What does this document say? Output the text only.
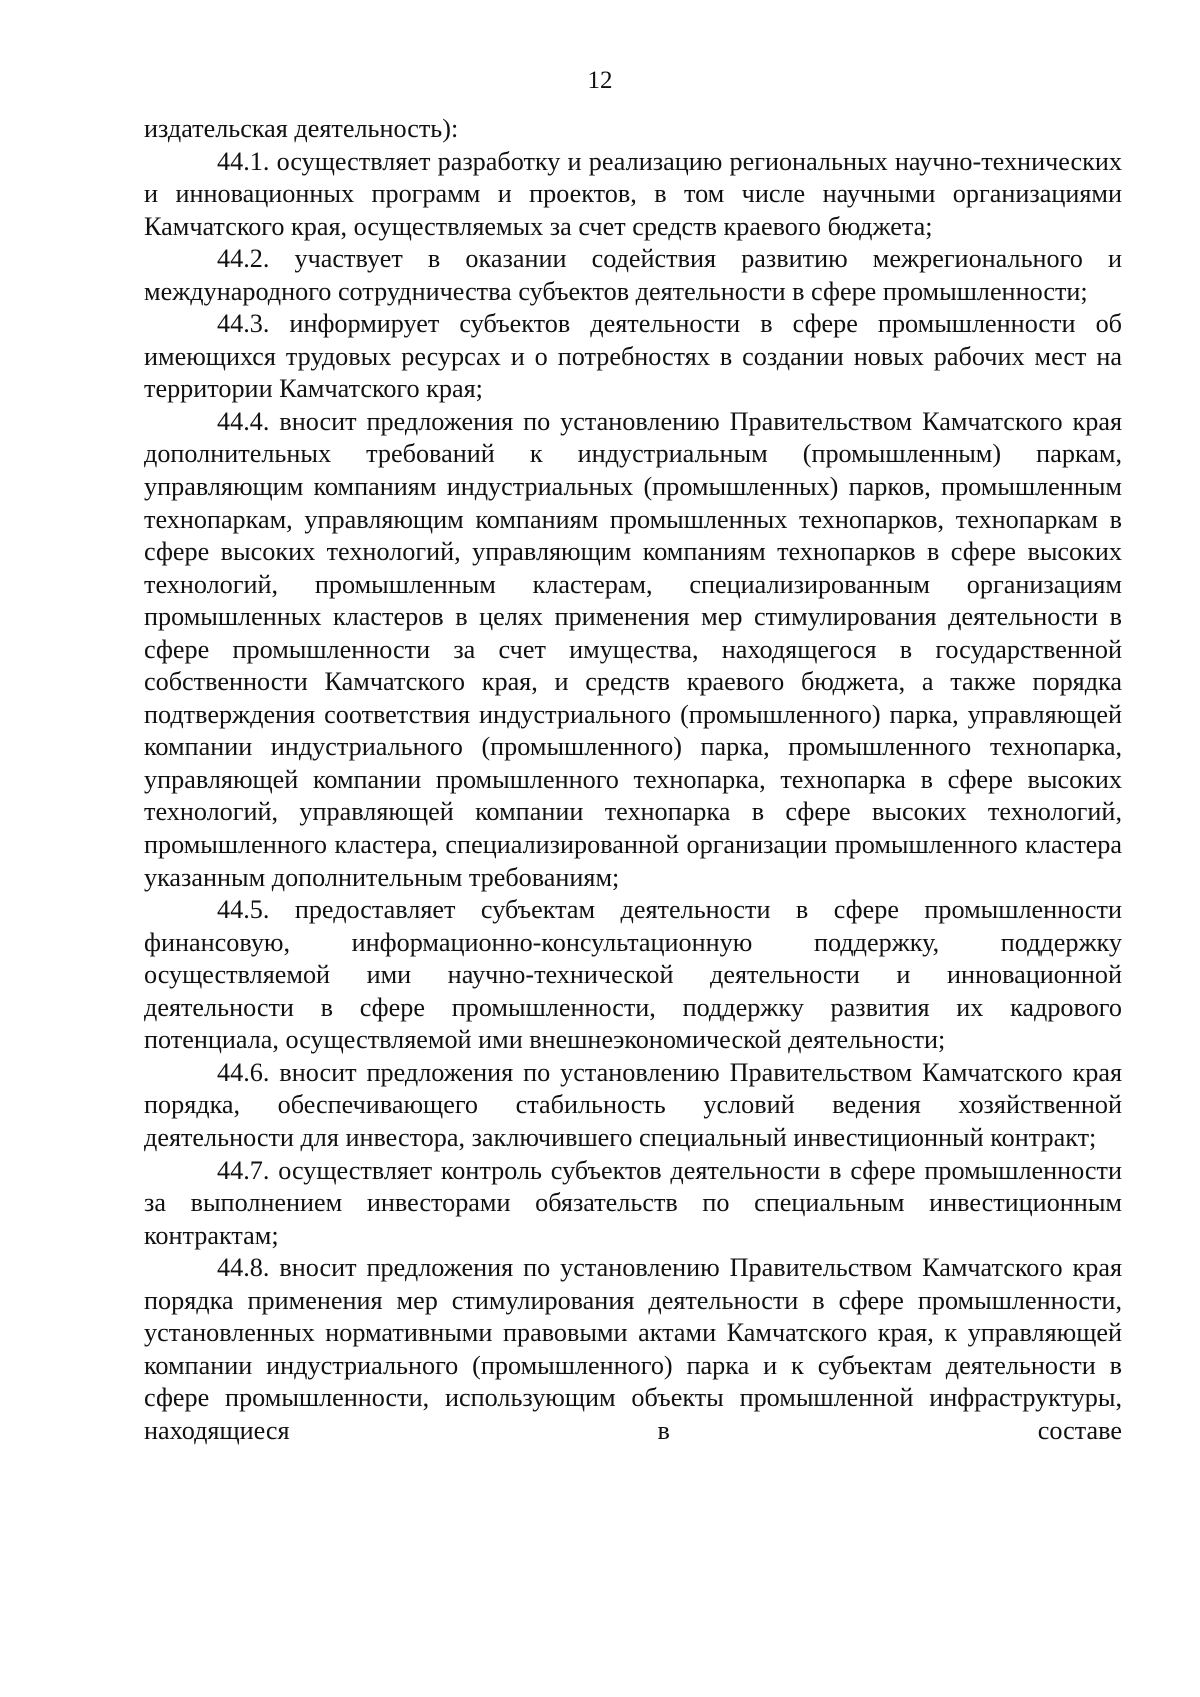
12

издательская деятельность):

44.1. осуществляет разработку и реализацию региональных научно-технических и инновационных программ и проектов, в том числе научными организациями Камчатского края, осуществляемых за счет средств краевого бюджета;

44.2. участвует в оказании содействия развитию межрегионального и международного сотрудничества субъектов деятельности в сфере промышленности;

44.3. информирует субъектов деятельности в сфере промышленности об имеющихся трудовых ресурсах и о потребностях в создании новых рабочих мест на территории Камчатского края;

44.4. вносит предложения по установлению Правительством Камчатского края дополнительных требований к индустриальным (промышленным) паркам, управляющим компаниям индустриальных (промышленных) парков, промышленным технопаркам, управляющим компаниям промышленных технопарков, технопаркам в сфере высоких технологий, управляющим компаниям технопарков в сфере высоких технологий, промышленным кластерам, специализированным организациям промышленных кластеров в целях применения мер стимулирования деятельности в сфере промышленности за счет имущества, находящегося в государственной собственности Камчатского края, и средств краевого бюджета, а также порядка подтверждения соответствия индустриального (промышленного) парка, управляющей компании индустриального (промышленного) парка, промышленного технопарка, управляющей компании промышленного технопарка, технопарка в сфере высоких технологий, управляющей компании технопарка в сфере высоких технологий, промышленного кластера, специализированной организации промышленного кластера указанным дополнительным требованиям;

44.5. предоставляет субъектам деятельности в сфере промышленности финансовую, информационно-консультационную поддержку, поддержку осуществляемой ими научно-технической деятельности и инновационной деятельности в сфере промышленности, поддержку развития их кадрового потенциала, осуществляемой ими внешнеэкономической деятельности;

44.6. вносит предложения по установлению Правительством Камчатского края порядка, обеспечивающего стабильность условий ведения хозяйственной деятельности для инвестора, заключившего специальный инвестиционный контракт;

44.7. осуществляет контроль субъектов деятельности в сфере промышленности за выполнением инвесторами обязательств по специальным инвестиционным контрактам;

44.8. вносит предложения по установлению Правительством Камчатского края порядка применения мер стимулирования деятельности в сфере промышленности, установленных нормативными правовыми актами Камчатского края, к управляющей компании индустриального (промышленного) парка и к субъектам деятельности в сфере промышленности, использующим объекты промышленной инфраструктуры, находящиеся в составе
